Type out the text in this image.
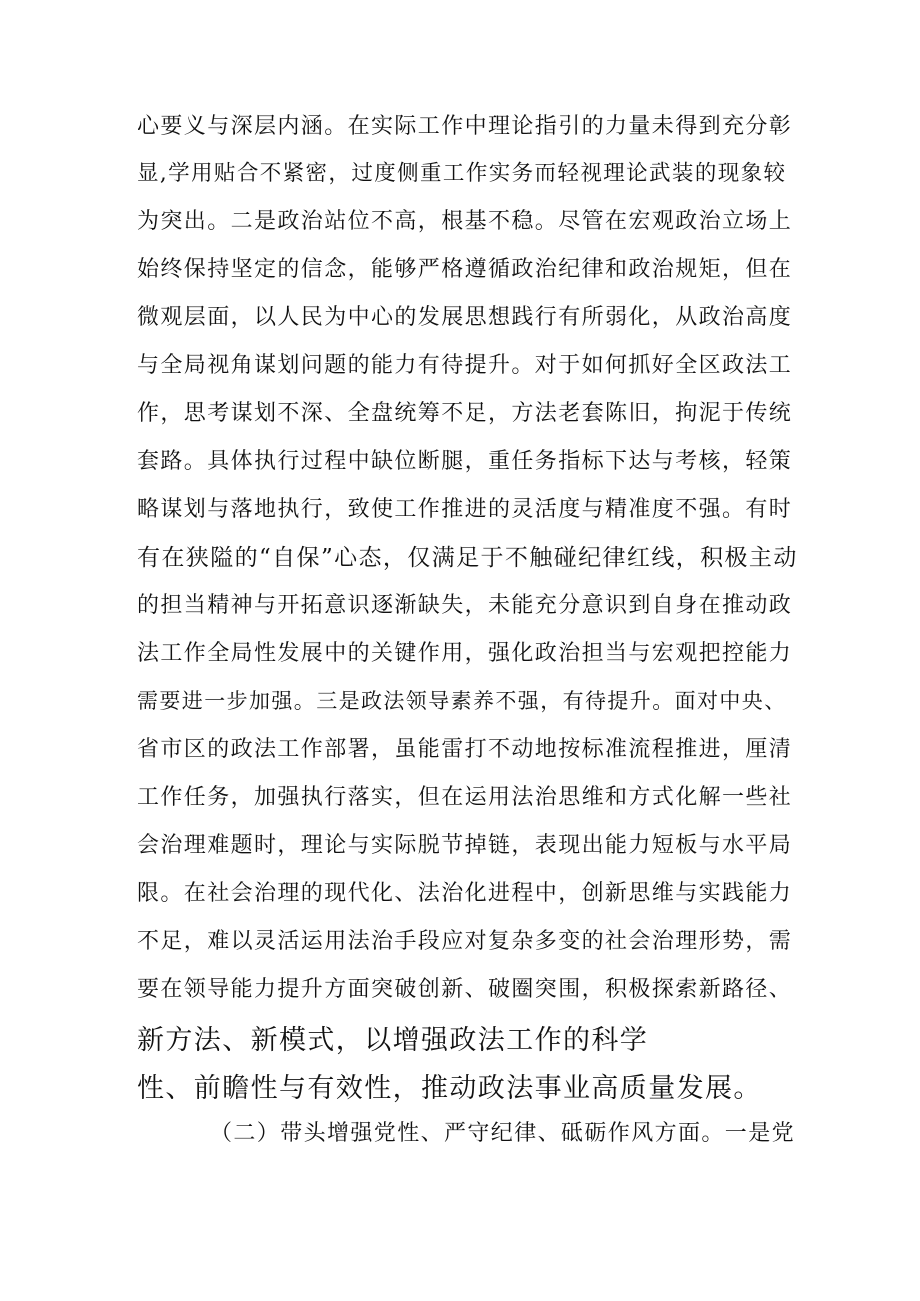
心要义与深层内涵。在实际工作中理论指引的力量未得到充分彰
显,学用贴合不紧密，过度侧重工作实务而轻视理论武装的现象较
为突出。二是政治站位不高，根基不稳。尽管在宏观政治立场上
始终保持坚定的信念，能够严格遵循政治纪律和政治规矩，但在
微观层面，以人民为中心的发展思想践行有所弱化，从政治高度
与全局视角谋划问题的能力有待提升。对于如何抓好全区政法工
作，思考谋划不深、全盘统筹不足，方法老套陈旧，拘泥于传统
套路。具体执行过程中缺位断腿，重任务指标下达与考核，轻策
略谋划与落地执行，致使工作推进的灵活度与精准度不强。有时
有在狭隘的“自保”心态，仅满足于不触碰纪律红线，积极主动
的担当精神与开拓意识逐渐缺失，未能充分意识到自身在推动政
法工作全局性发展中的关键作用，强化政治担当与宏观把控能力
需要进一步加强。三是政法领导素养不强，有待提升。面对中央、
省市区的政法工作部署，虽能雷打不动地按标准流程推进，厘清
工作任务，加强执行落实，但在运用法治思维和方式化解一些社
会治理难题时，理论与实际脱节掉链，表现出能力短板与水平局
限。在社会治理的现代化、法治化进程中，创新思维与实践能力
不足，难以灵活运用法治手段应对复杂多变的社会治理形势，需
要在领导能力提升方面突破创新、破圈突围，积极探索新路径、
新方法、新模式，以增强政法工作的科学
性、前瞻性与有效性，推动政法事业高质量发展。
（二）带头增强党性、严守纪律、砥砺作风方面。一是党
